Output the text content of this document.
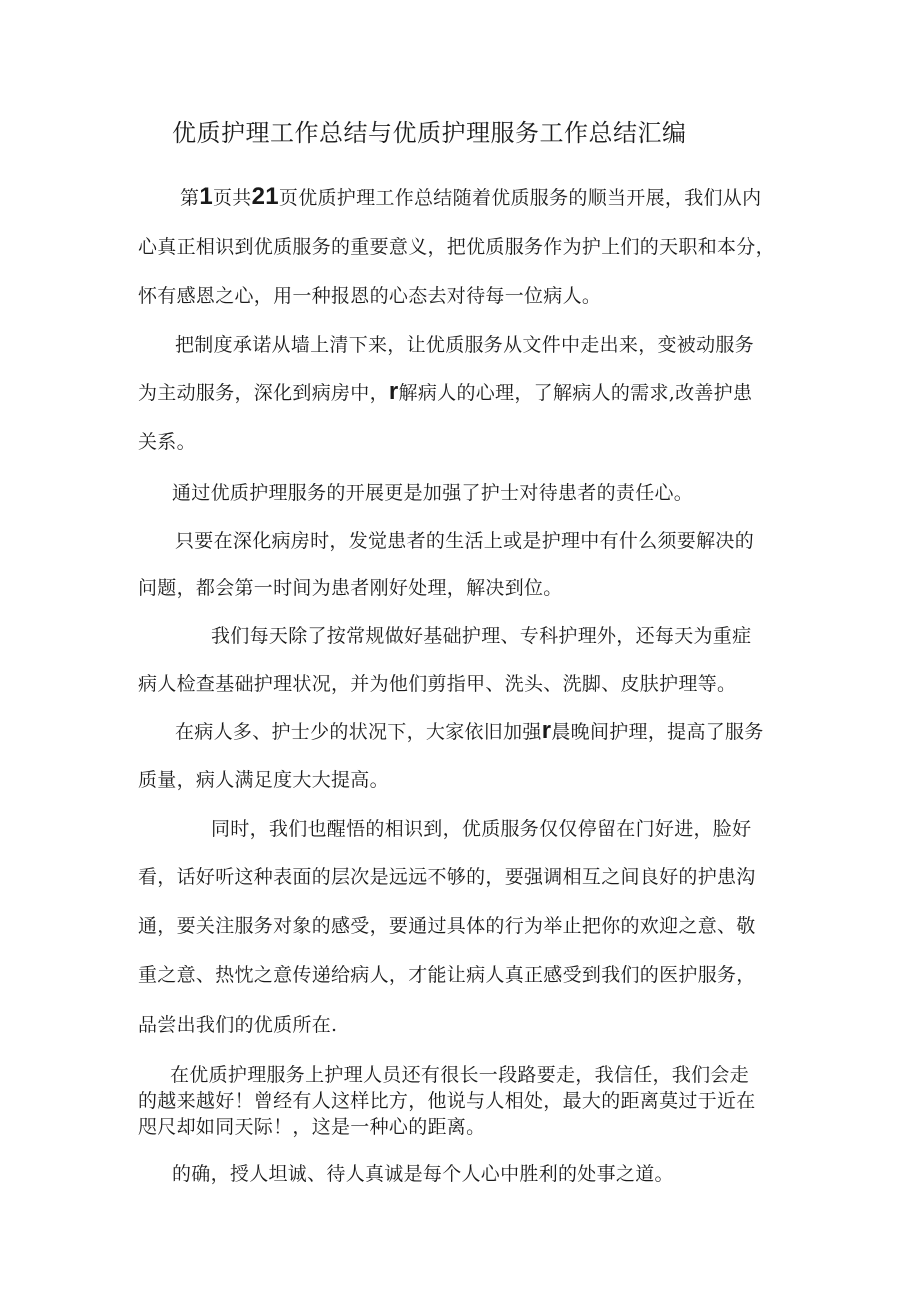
优质护理工作总结与优质护理服务工作总结汇编
第1页共21页优质护理工作总结随着优质服务的顺当开展，我们从内
心真正相识到优质服务的重要意义，把优质服务作为护上们的天职和本分，
怀有感恩之心，用一种报恩的心态去对待每一位病人。
把制度承诺从墙上清下来，让优质服务从文件中走出来，变被动服务
为主动服务，深化到病房中，r解病人的心理，了解病人的需求,改善护患
关系。
通过优质护理服务的开展更是加强了护士对待患者的责任心。
只要在深化病房时，发觉患者的生活上或是护理中有什么须要解决的
问题，都会第一时间为患者刚好处理，解决到位。
我们每天除了按常规做好基础护理、专科护理外，还每天为重症
病人检查基础护理状况，并为他们剪指甲、洗头、洗脚、皮肤护理等。
在病人多、护士少的状况下，大家依旧加强r晨晚间护理，提高了服务
质量，病人满足度大大提高。
同时，我们也醒悟的相识到，优质服务仅仅停留在门好进，脸好
看，话好听这种表面的层次是远远不够的，要强调相互之间良好的护患沟
通，要关注服务对象的感受，要通过具体的行为举止把你的欢迎之意、敬
重之意、热忱之意传递给病人，才能让病人真正感受到我们的医护服务，
品尝出我们的优质所在.
在优质护理服务上护理人员还有很长一段路要走，我信任，我们会走
的越来越好！曾经有人这样比方，他说与人相处，最大的距离莫过于近在
咫尺却如同天际！，这是一种心的距离。
的确，授人坦诚、待人真诚是每个人心中胜利的处事之道。
